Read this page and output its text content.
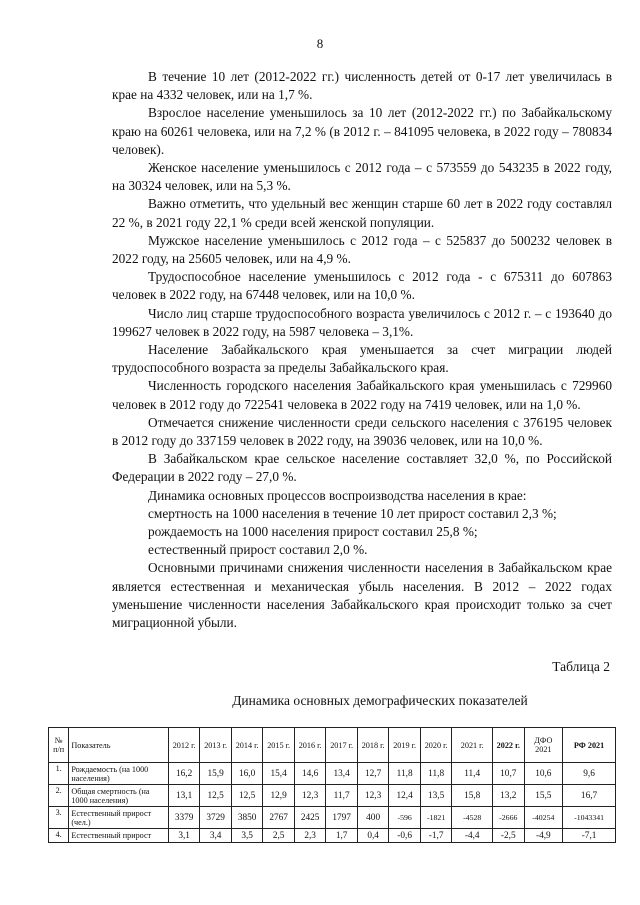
8

В течение 10 лет (2012-2022 гг.) численность детей от 0-17 лет увеличилась в крае на 4332 человек, или на 1,7 %.

Взрослое население уменьшилось за 10 лет (2012-2022 гг.) по Забайкальскому краю на 60261 человека, или на 7,2 % (в 2012 г. – 841095 человека, в 2022 году – 780834 человек).

Женское население уменьшилось с 2012 года – с 573559 до 543235 в 2022 году, на 30324 человек, или на 5,3 %.

Важно отметить, что удельный вес женщин старше 60 лет в 2022 году составлял 22 %, в 2021 году 22,1 % среди всей женской популяции.

Мужское население уменьшилось с 2012 года – с 525837 до 500232 человек в 2022 году, на 25605 человек, или на 4,9 %.

Трудоспособное население уменьшилось с 2012 года - с 675311 до 607863 человек в 2022 году, на 67448 человек, или на 10,0 %.

Число лиц старше трудоспособного возраста увеличилось с 2012 г. – с 193640 до 199627 человек в 2022 году, на 5987 человека – 3,1%.

Население Забайкальского края уменьшается за счет миграции людей трудоспособного возраста за пределы Забайкальского края.

Численность городского населения Забайкальского края уменьшилась с 729960 человек в 2012 году до 722541 человека в 2022 году на 7419 человек, или на 1,0 %.

Отмечается снижение численности среди сельского населения с 376195 человек в 2012 году до 337159 человек в 2022 году, на 39036 человек, или на 10,0 %.

В Забайкальском крае сельское население составляет 32,0 %, по Российской Федерации в 2022 году – 27,0 %.

Динамика основных процессов воспроизводства населения в крае:

смертность на 1000 населения в течение 10 лет прирост составил 2,3 %;

рождаемость на 1000 населения прирост составил 25,8 %;

естественный прирост составил 2,0 %.

Основными причинами снижения численности населения в Забайкальском крае является естественная и механическая убыль населения. В 2012 – 2022 годах уменьшение численности населения Забайкальского края происходит только за счет миграционной убыли.

Таблица 2
Динамика основных демографических показателей
№ п/п	Показатель	2012 г.	2013 г.	2014 г.	2015 г.	2016 г.	2017 г.	2018 г.	2019 г.	2020 г.	2021 г.	2022 г.	ДФО 2021	РФ 2021
1.	Рождаемость (на 1000 населения)	16,2	15,9	16,0	15,4	14,6	13,4	12,7	11,8	11,8	11,4	10,7	10,6	9,6
2.	Общая смертность (на 1000 населения)	13,1	12,5	12,5	12,9	12,3	11,7	12,3	12,4	13,5	15,8	13,2	15,5	16,7
3.	Естественный прирост (чел.)	3379	3729	3850	2767	2425	1797	400	-596	-1821	-4528	-2666	-40254	-1043341
4.	Естественный прирост	3,1	3,4	3,5	2,5	2,3	1,7	0,4	-0,6	-1,7	-4,4	-2,5	-4,9	-7,1
